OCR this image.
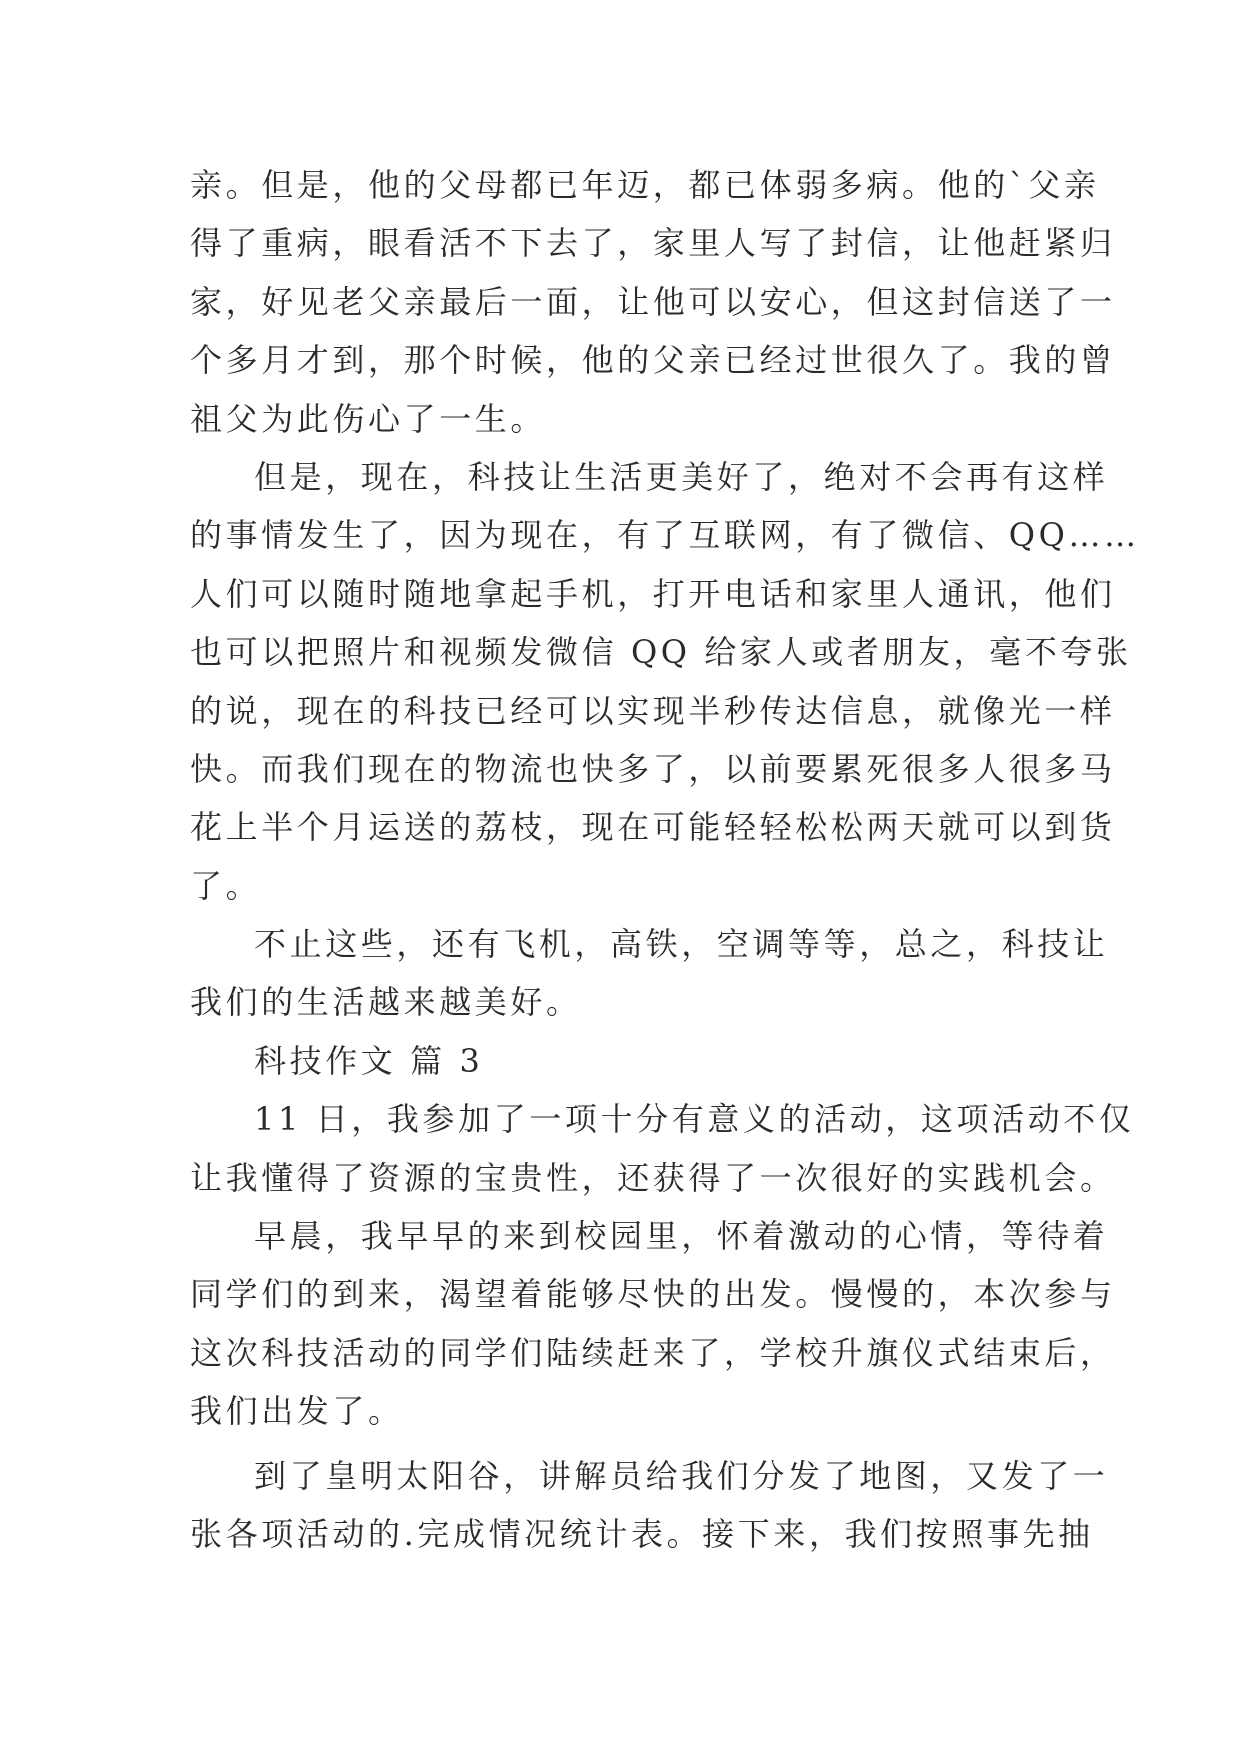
亲。但是，他的父母都已年迈，都已体弱多病。他的`父亲
得了重病，眼看活不下去了，家里人写了封信，让他赶紧归
家，好见老父亲最后一面，让他可以安心，但这封信送了一
个多月才到，那个时候，他的父亲已经过世很久了。我的曾
祖父为此伤心了一生。
但是，现在，科技让生活更美好了，绝对不会再有这样
的事情发生了，因为现在，有了互联网，有了微信、QQ……
人们可以随时随地拿起手机，打开电话和家里人通讯，他们
也可以把照片和视频发微信 QQ 给家人或者朋友，毫不夸张
的说，现在的科技已经可以实现半秒传达信息，就像光一样
快。而我们现在的物流也快多了，以前要累死很多人很多马
花上半个月运送的荔枝，现在可能轻轻松松两天就可以到货
了。
不止这些，还有飞机，高铁，空调等等，总之，科技让
我们的生活越来越美好。
科技作文 篇 3
11 日，我参加了一项十分有意义的活动，这项活动不仅
让我懂得了资源的宝贵性，还获得了一次很好的实践机会。
早晨，我早早的来到校园里，怀着激动的心情，等待着
同学们的到来，渴望着能够尽快的出发。慢慢的，本次参与
这次科技活动的同学们陆续赶来了，学校升旗仪式结束后，
我们出发了。
到了皇明太阳谷，讲解员给我们分发了地图，又发了一
张各项活动的.完成情况统计表。接下来，我们按照事先抽
